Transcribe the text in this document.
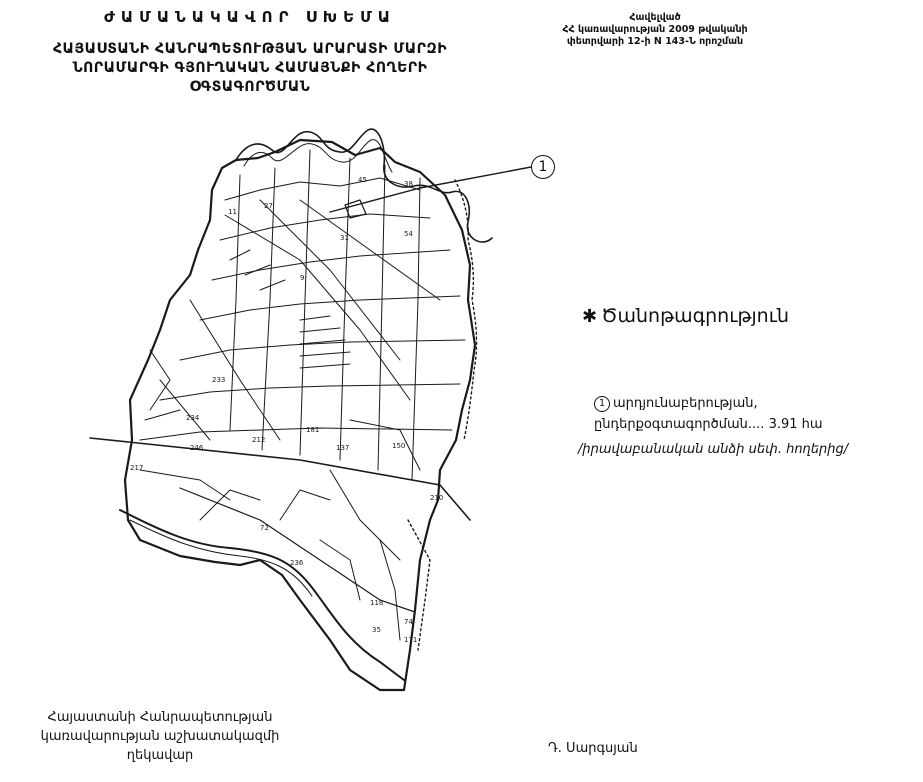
45	38
11
27
31	54
9
233
234
246
212
181
137	150
217
210
72
236
118
74
35
171
ԺԱՄԱՆԱԿԱՎՈՐ ՍԽԵՄԱ
ՀԱՅԱՍՏԱՆԻ ՀԱՆՐԱՊԵՏՈՒԹՅԱՆ ԱՐԱՐԱՏԻ ՄԱՐԶԻ
ՆՈՐԱՄԱՐԳԻ ԳՅՈՒՂԱԿԱՆ ՀԱՄԱՅՆՔԻ ՀՈՂԵՐԻ
ՕԳՏԱԳՈՐԾՄԱՆ
Հավելված
ՀՀ կառավարության 2009 թվականի
փետրվարի 12-ի N 143-Ն որոշման
1
✱ Ծանոթագրություն
1 արդյունաբերության,
ընդերքօգտագործման.... 3.91 հա
/իրավաբանական անձի սեփ. հողերից/
Հայաստանի Հանրապետության
կառավարության աշխատակազմի
ղեկավար	Դ. Սարգսյան
